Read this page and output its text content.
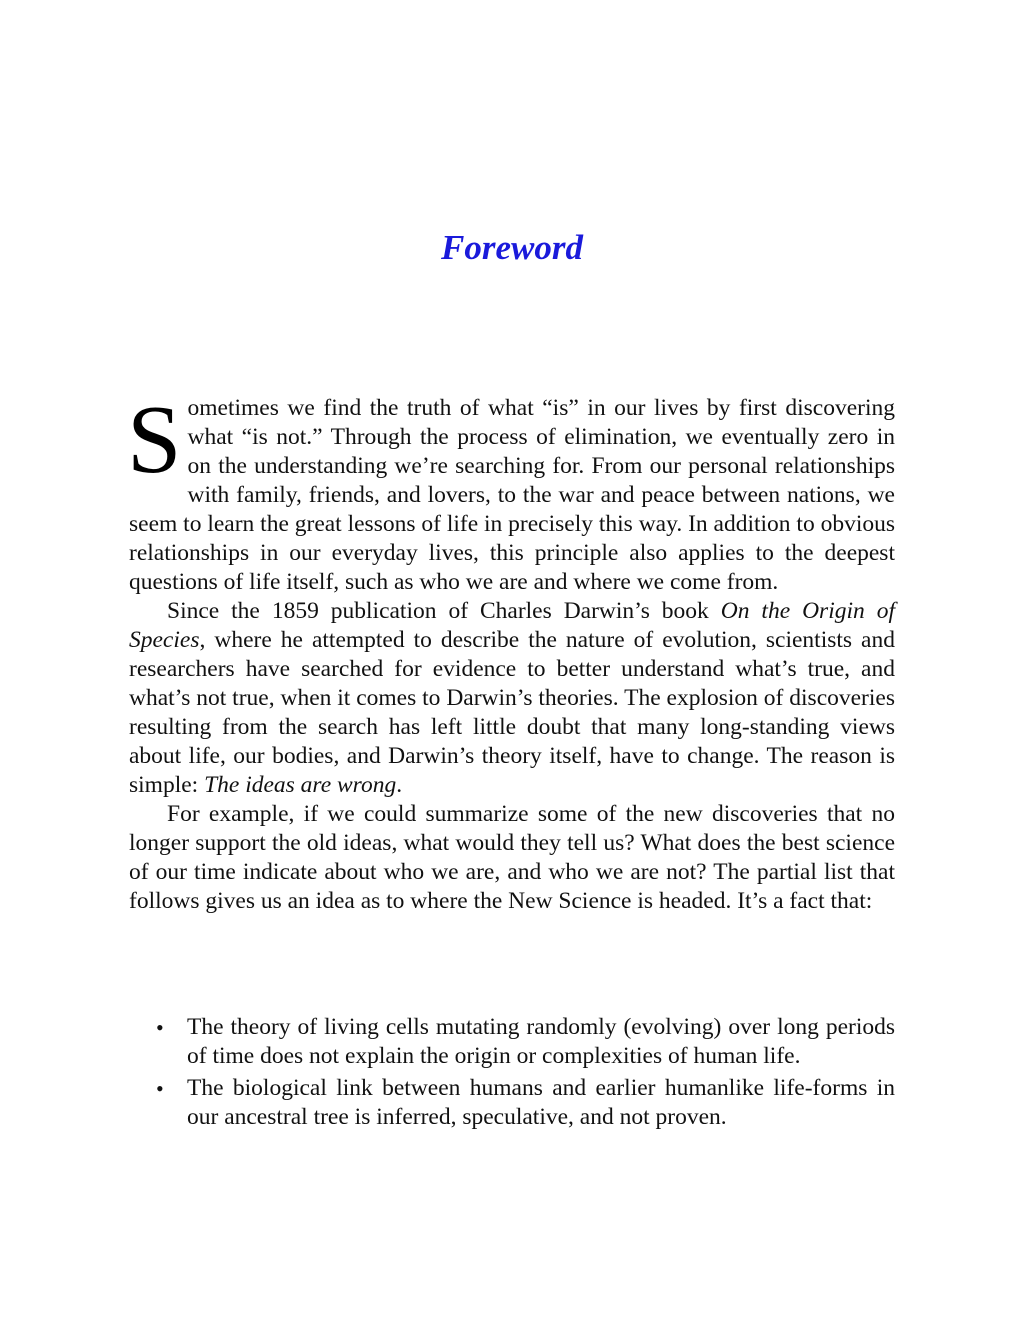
Foreword

Sometimes we find the truth of what “is” in our lives by first discovering what “is not.” Through the process of elimination, we eventually zero in on the understanding we’re searching for. From our personal relationships with family, friends, and lovers, to the war and peace between nations, we seem to learn the great lessons of life in precisely this way. In addition to obvious relationships in our everyday lives, this principle also applies to the deepest questions of life itself, such as who we are and where we come from.

Since the 1859 publication of Charles Darwin’s book On the Origin of Species, where he attempted to describe the nature of evolution, scientists and researchers have searched for evidence to better understand what’s true, and what’s not true, when it comes to Darwin’s theories. The explosion of discoveries resulting from the search has left little doubt that many long-standing views about life, our bodies, and Darwin’s theory itself, have to change. The reason is simple: The ideas are wrong.

For example, if we could summarize some of the new discoveries that no longer support the old ideas, what would they tell us? What does the best science of our time indicate about who we are, and who we are not? The partial list that follows gives us an idea as to where the New Science is headed. It’s a fact that:

• The theory of living cells mutating randomly (evolving) over long periods of time does not explain the origin or complexities of human life.
• The biological link between humans and earlier humanlike life-forms in our ancestral tree is inferred, speculative, and not proven.
